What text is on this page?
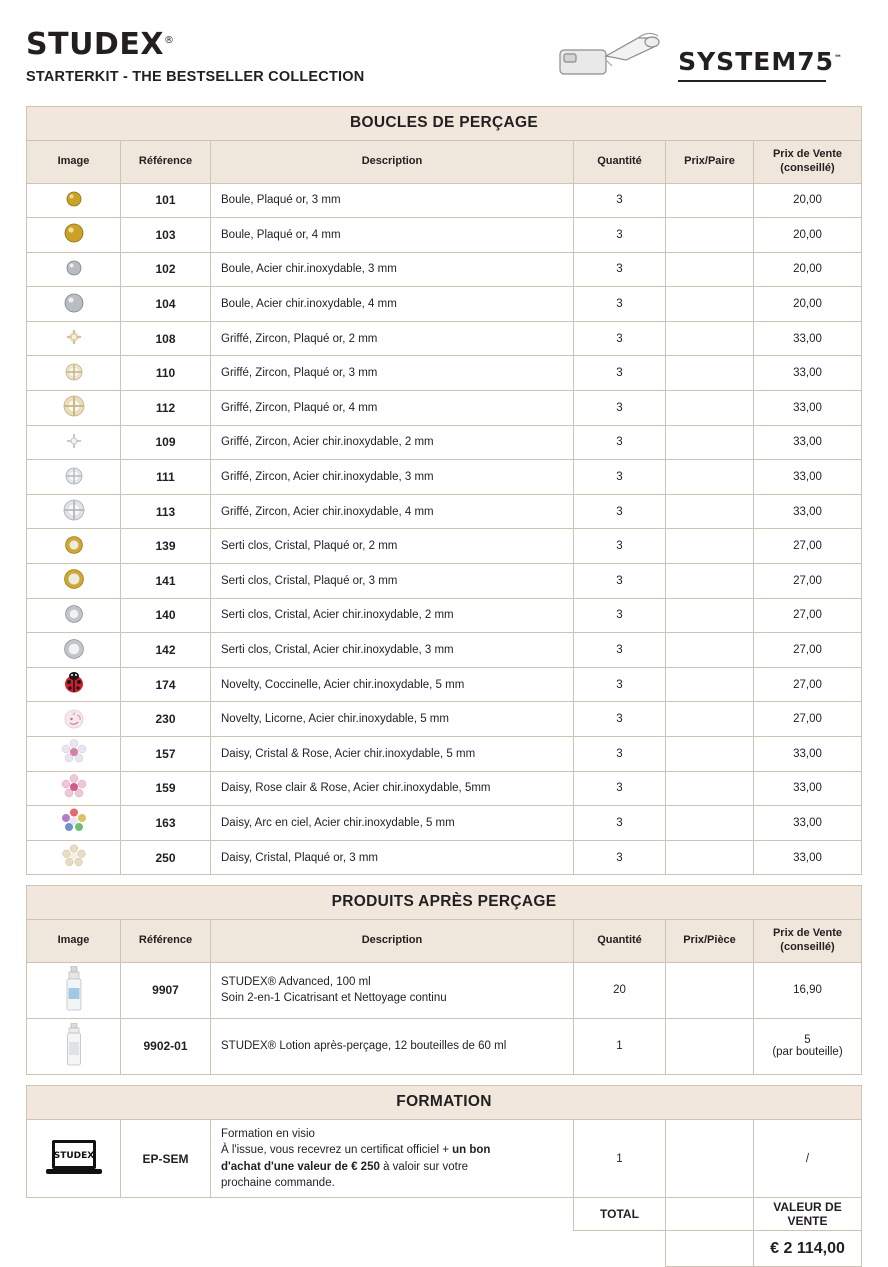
STUDEX®
STARTERKIT - THE BESTSELLER COLLECTION
SYSTEM75™
BOUCLES DE PERÇAGE
Image	Référence	Description	Quantité	Prix/Paire	Prix de Vente
(conseillé)

	101	Boule, Plaqué or, 3 mm	3		20,00

	103	Boule, Plaqué or, 4 mm	3		20,00

	102	Boule, Acier chir.inoxydable, 3 mm	3		20,00

	104	Boule, Acier chir.inoxydable, 4 mm	3		20,00

	108	Griffé, Zircon, Plaqué or, 2 mm	3		33,00

	110	Griffé, Zircon, Plaqué or, 3 mm	3		33,00

	112	Griffé, Zircon, Plaqué or, 4 mm	3		33,00

	109	Griffé, Zircon, Acier chir.inoxydable, 2 mm	3		33,00

	111	Griffé, Zircon, Acier chir.inoxydable, 3 mm	3		33,00

	113	Griffé, Zircon, Acier chir.inoxydable, 4 mm	3		33,00

	139	Serti clos, Cristal, Plaqué or, 2 mm	3		27,00

	141	Serti clos, Cristal, Plaqué or, 3 mm	3		27,00

	140	Serti clos, Cristal, Acier chir.inoxydable, 2 mm	3		27,00

	142	Serti clos, Cristal, Acier chir.inoxydable, 3 mm	3		27,00

	174	Novelty, Coccinelle, Acier chir.inoxydable, 5 mm	3		27,00

	230	Novelty, Licorne, Acier chir.inoxydable, 5 mm	3		27,00

	157	Daisy, Cristal & Rose, Acier chir.inoxydable, 5 mm	3		33,00

	159	Daisy, Rose clair & Rose, Acier chir.inoxydable, 5mm	3		33,00

	163	Daisy, Arc en ciel, Acier chir.inoxydable, 5 mm	3		33,00

	250	Daisy, Cristal, Plaqué or, 3 mm	3		33,00
PRODUITS APRÈS PERÇAGE
Image	Référence	Description	Quantité	Prix/Pièce	Prix de Vente
(conseillé)

	9907	STUDEX® Advanced, 100 ml
Soin 2-en-1 Cicatrisant et Nettoyage continu	20		16,90

	9902-01	STUDEX® Lotion après-perçage, 12 bouteilles de 60 ml	1		5
(par bouteille)
FORMATION
STUDEX	EP-SEM	Formation en visio
À l'issue, vous recevrez un certificat officiel + un bon
d'achat d'une valeur de € 250 à valoir sur votre
prochaine commande.	1		/
			TOTAL		VALEUR DE VENTE
					€ 2 114,00
